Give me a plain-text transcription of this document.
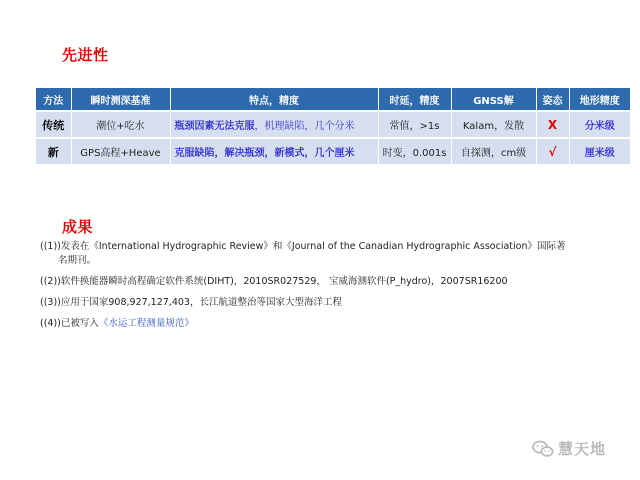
先进性
方法	瞬时测深基准	特点，精度	时延，精度	GNSS解	姿态	地形精度
传统	潮位+吃水	瓶颈因素无法克服，机理缺陷，几个分米	常值，>1s	Kalam，发散	X	分米级
新	GPS高程+Heave	克服缺陷，解决瓶颈，新模式，几个厘米	时变，0.001s	自探测，cm级	√	厘米级
成果
((1))发表在《International Hydrographic Review》和《Journal of the Canadian Hydrographic Association》国际著
名期刊。
((2))软件换能器瞬时高程确定软件系统(DIHT)，2010SR027529， 宝威海测软件(P_hydro)，2007SR16200
((3))应用于国家908,927,127,403，长江航道整治等国家大型海洋工程
((4))已被写入《水运工程测量规范》
慧天地
